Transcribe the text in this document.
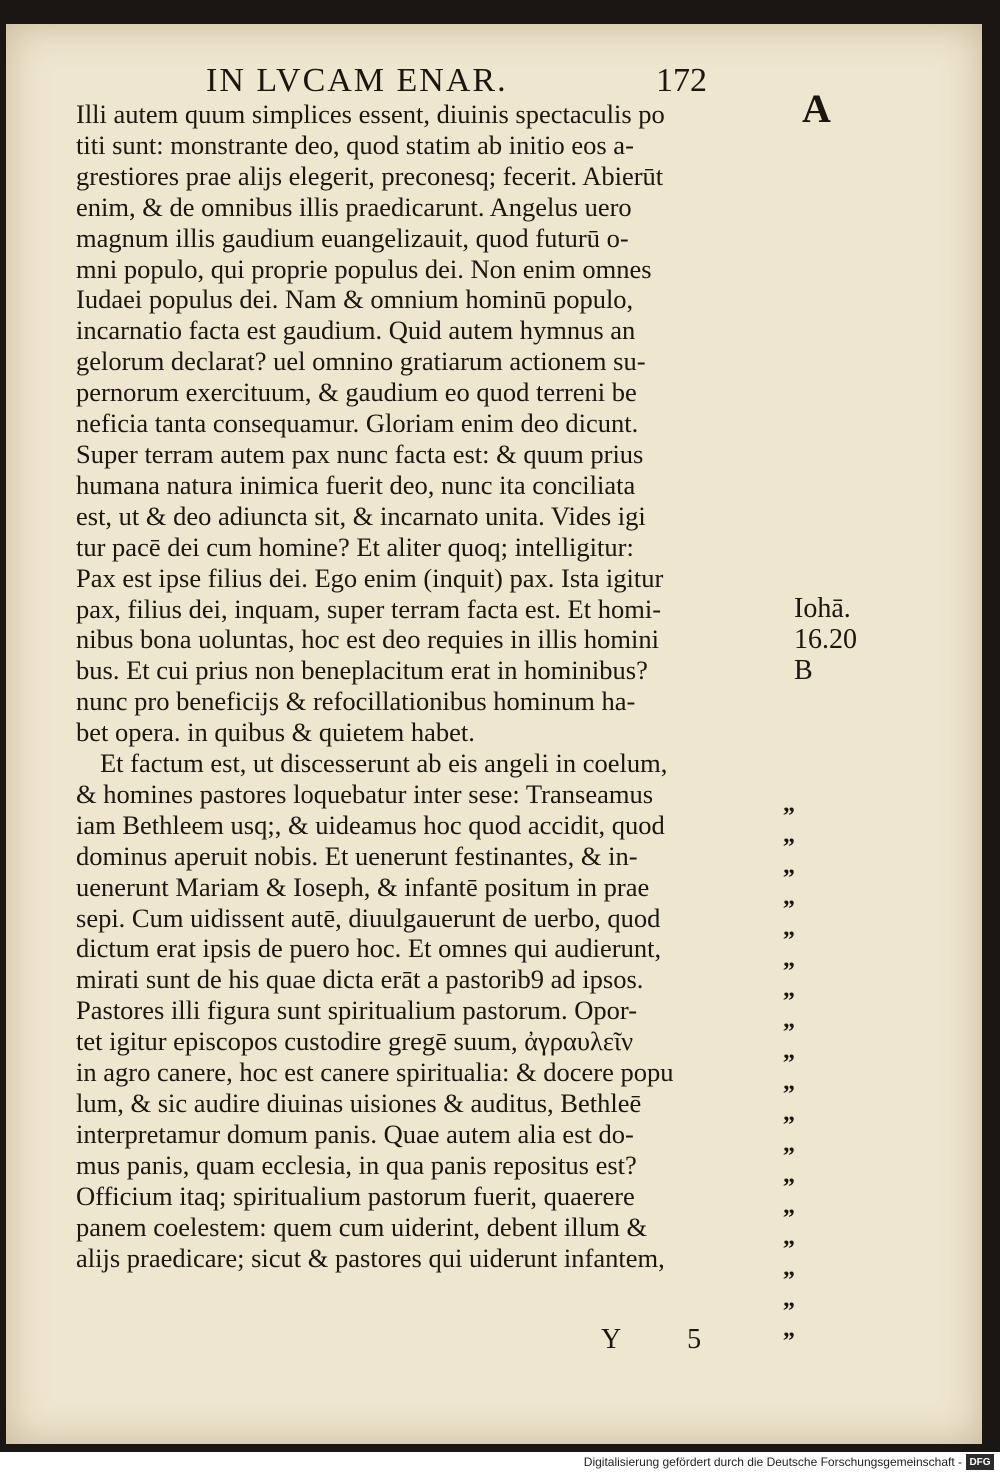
IN LVCAM ENAR.	172
A
Iohā.
16.20
B
Illi autem quum simplices essent, diuinis spectaculis po
titi sunt: monstrante deo, quod statim ab initio eos a-
grestiores prae alijs elegerit, preconesq; fecerit. Abierūt
enim, & de omnibus illis praedicarunt. Angelus uero
magnum illis gaudium euangelizauit, quod futurū o-
mni populo, qui proprie populus dei. Non enim omnes
Iudaei populus dei. Nam & omnium hominū populo,
incarnatio facta est gaudium. Quid autem hymnus an
gelorum declarat? uel omnino gratiarum actionem su-
pernorum exercituum, & gaudium eo quod terreni be
neficia tanta consequamur. Gloriam enim deo dicunt.
Super terram autem pax nunc facta est: & quum prius
humana natura inimica fuerit deo, nunc ita conciliata
est, ut & deo adiuncta sit, & incarnato unita. Vides igi
tur pacē dei cum homine? Et aliter quoq; intelligitur:
Pax est ipse filius dei. Ego enim (inquit) pax. Ista igitur
pax, filius dei, inquam, super terram facta est. Et homi-
nibus bona uoluntas, hoc est deo requies in illis homini
bus. Et cui prius non beneplacitum erat in hominibus?
nunc pro beneficijs & refocillationibus hominum ha-
bet opera. in quibus & quietem habet.
Et factum est, ut discesserunt ab eis angeli in coelum,
& homines pastores loquebatur inter sese: Transeamus
iam Bethleem usq;, & uideamus hoc quod accidit, quod
dominus aperuit nobis. Et uenerunt festinantes, & in-
uenerunt Mariam & Ioseph, & infantē positum in prae
sepi. Cum uidissent autē, diuulgauerunt de uerbo, quod
dictum erat ipsis de puero hoc. Et omnes qui audierunt,
mirati sunt de his quae dicta erāt a pastorib9 ad ipsos.
Pastores illi figura sunt spiritualium pastorum. Opor-
tet igitur episcopos custodire gregē suum, ἀγραυλεῖν
in agro canere, hoc est canere spiritualia: & docere popu
lum, & sic audire diuinas uisiones & auditus, Bethleē
interpretamur domum panis. Quae autem alia est do-
mus panis, quam ecclesia, in qua panis repositus est?
Officium itaq; spiritualium pastorum fuerit, quaerere
panem coelestem: quem cum uiderint, debent illum &
alijs praedicare; sicut & pastores qui uiderunt infantem,
„
„
„
„
„
„
„
„
„
„
„
„
„
„
„
„
„
„
Y 5
Digitalisierung gefördert durch die Deutsche Forschungsgemeinschaft - DFG
